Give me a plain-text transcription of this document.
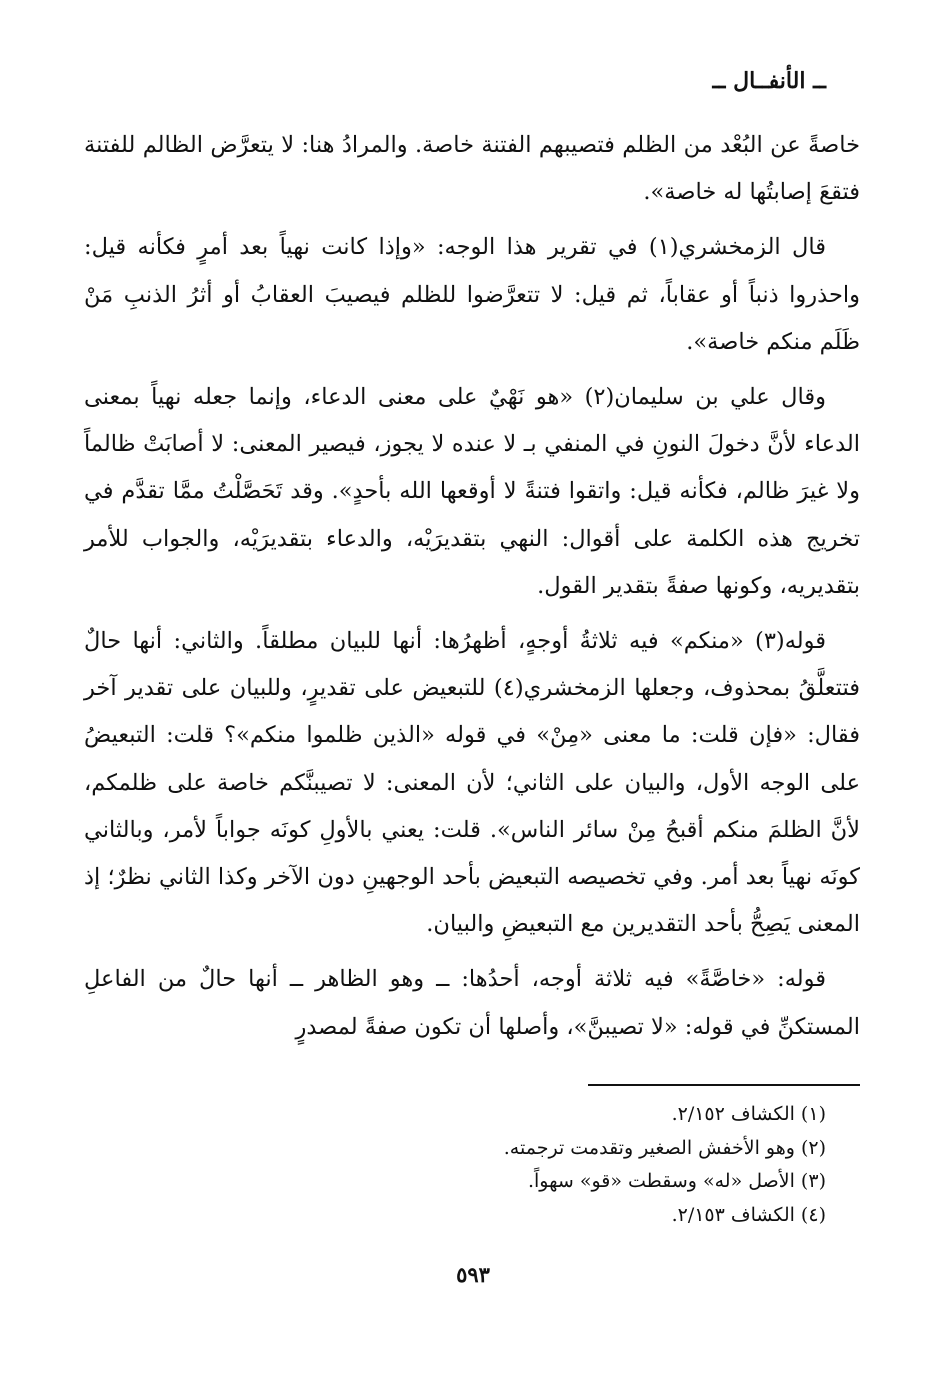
ــ الأنفــال ــ

خاصةً عن البُعْد من الظلم فتصيبهم الفتنة خاصة. والمرادُ هنا: لا يتعرَّض الظالم للفتنة فتقعَ إصابتُها له خاصة».

قال الزمخشري(١) في تقرير هذا الوجه: «وإذا كانت نهياً بعد أمرٍ فكأنه قيل: واحذروا ذنباً أو عقاباً، ثم قيل: لا تتعرَّضوا للظلم فيصيبَ العقابُ أو أثرُ الذنبِ مَنْ ظَلَم منكم خاصة».

وقال علي بن سليمان(٢) «هو نَهْيٌ على معنى الدعاء، وإنما جعله نهياً بمعنى الدعاء لأنَّ دخولَ النونِ في المنفي بـ لا عنده لا يجوز، فيصير المعنى: لا أصابَتْ ظالماً ولا غيرَ ظالم، فكأنه قيل: واتقوا فتنةً لا أوقعها الله بأحدٍ». وقد تَحَصَّلْتُ ممَّا تقدَّم في تخريج هذه الكلمة على أقوال: النهي بتقديرَيْه، والدعاء بتقديرَيْه، والجواب للأمر بتقديريه، وكونها صفةً بتقدير القول.

قوله(٣) «منكم» فيه ثلاثةُ أوجهٍ، أظهرُها: أنها للبيان مطلقاً. والثاني: أنها حالٌ فتتعلَّقُ بمحذوف، وجعلها الزمخشري(٤) للتبعيض على تقديرٍ، وللبيان على تقدير آخر فقال: «فإن قلت: ما معنى «مِنْ» في قوله «الذين ظلموا منكم»؟ قلت: التبعيضُ على الوجه الأول، والبيان على الثاني؛ لأن المعنى: لا تصيبنَّكم خاصة على ظلمكم، لأنَّ الظلمَ منكم أقبحُ مِنْ سائر الناس». قلت: يعني بالأولِ كونَه جواباً لأمر، وبالثاني كونَه نهياً بعد أمر. وفي تخصيصه التبعيض بأحد الوجهينِ دون الآخر وكذا الثاني نظرٌ؛ إذ المعنى يَصِحُّ بأحد التقديرين مع التبعيضِ والبيان.

قوله: «خاصَّةً» فيه ثلاثة أوجه، أحدُها: ــ وهو الظاهر ــ أنها حالٌ من الفاعلِ المستكنِّ في قوله: «لا تصيبنَّ»، وأصلها أن تكون صفةً لمصدرٍ

(١) الكشاف ٢/١٥٢.
(٢) وهو الأخفش الصغير وتقدمت ترجمته.
(٣) الأصل «له» وسقطت «قو» سهواً.
(٤) الكشاف ٢/١٥٣.
٥٩٣
